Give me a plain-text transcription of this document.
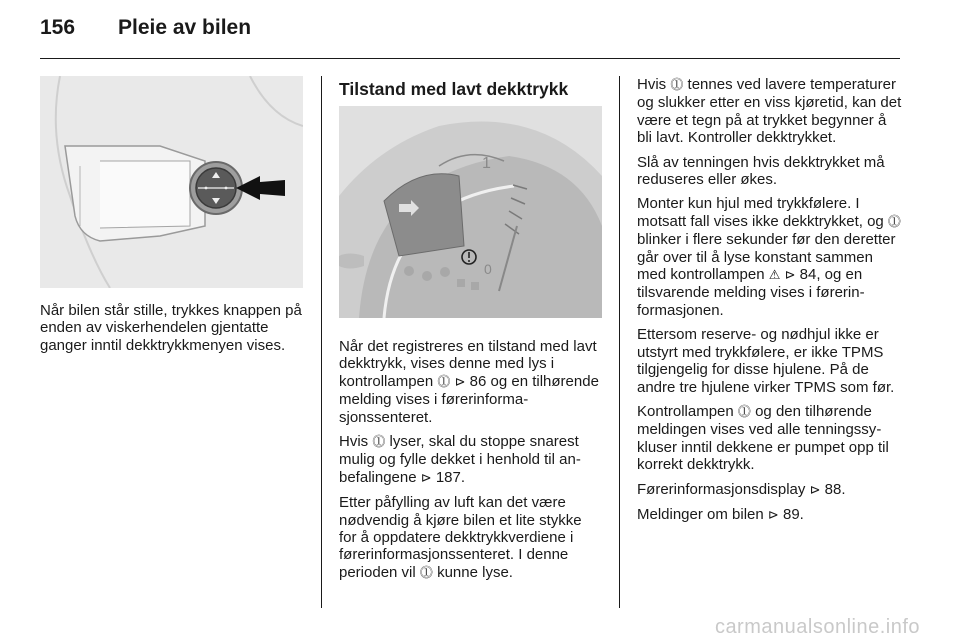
156	Pleie av bilen

Når bilen står stille, trykkes knappen på enden av viskerhendelen gjentatte ganger inntil dekktrykkmenyen vises.

Tilstand med lavt dekktrykk
1
0

Når det registreres en tilstand med lavt dekktrykk, vises denne med lys i kontrollampen ⓵ ⊳ 86 og en tilhørende melding vises i førerinformasjonssenteret.

Hvis ⓵ lyser, skal du stoppe snarest mulig og fylle dekket i henhold til anbefalingene ⊳ 187.

Etter påfylling av luft kan det være nødvendig å kjøre bilen et lite stykke for å oppdatere dekktrykkverdiene i førerinformasjonssenteret. I denne perioden vil ⓵ kunne lyse.

Hvis ⓵ tennes ved lavere temperaturer og slukker etter en viss kjøretid, kan det være et tegn på at trykket begynner å bli lavt. Kontroller dekktrykket.

Slå av tenningen hvis dekktrykket må reduseres eller økes.

Monter kun hjul med trykkfølere. I motsatt fall vises ikke dekktrykket, og ⓵ blinker i flere sekunder før den deretter går over til å lyse konstant sammen med kontrollampen ⚠ ⊳ 84, og en tilsvarende melding vises i førerinformasjonen.

Ettersom reserve- og nødhjul ikke er utstyrt med trykkfølere, er ikke TPMS tilgjengelig for disse hjulene. På de andre tre hjulene virker TPMS som før.

Kontrollampen ⓵ og den tilhørende meldingen vises ved alle tenningssykluser inntil dekkene er pumpet opp til korrekt dekktrykk.

Førerinformasjonsdisplay ⊳ 88.

Meldinger om bilen ⊳ 89.

carmanualsonline.info
